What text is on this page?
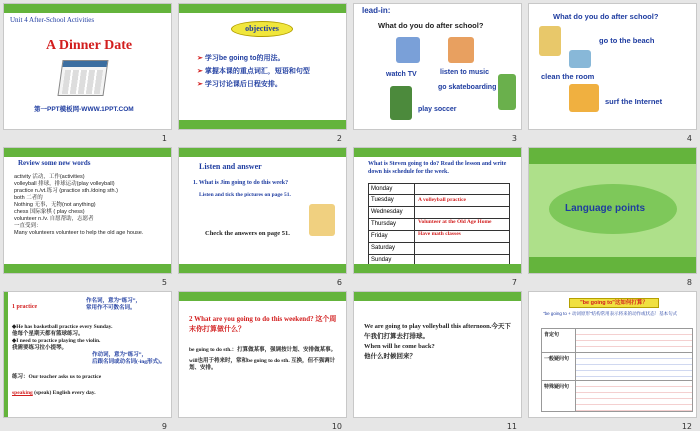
Unit 4 After-School Activities
A Dinner Date
第一PPT模板网-WWW.1PPT.COM
1
objectives
➢ 学习be going to的用法。
➢ 掌握本课的重点词汇，短语和句型
➢ 学习讨论课后日程安排。
2
lead-in:
What do you do after school?
watch TV	listen to music
go skateboarding
play soccer
3
What do you do after school?
go to the beach
clean the room
surf the Internet
4
Review some new words
activity 活动，工作(activities)
volleyball 排球，排球运动(play volleyball)
practice n./vt.练习 (practice sth./doing sth.)
both 二者的
Nothing 无事，无物(not anything)
chess 国际象棋 ( play chess)
volunteer n./v. 自愿帮助，志愿者
一直受到：
Many volunteers volunteer to help the old age house.
5
Listen and answer
1. What is Jim going to do this week?
Listen and tick the pictures on page 51.
Check the answers on page 51.
6
What is Steven going to do? Read the lesson and write down his schedule for the week.
Monday
Tuesday
Wednesday
Thursday
Friday
Saturday
Sunday
A volleyball practice
Volunteer at the Old Age Home
Have math classes
7
Language points
8
1 practice
作名词，意为“练习”，
常用作不可数名词。
◆He has basketball practice every Sunday.
他每个星期天都有篮球练习。
◆I need to practice playing the violin.
我需要练习拉小提琴。
作动词，意为“练习”，
后跟名词或动名词(-ing形式)。
练习：Our teacher asks us to practice
speaking (speak) English every day.
9
2 What are you going to do this weekend? 这个周末你打算做什么？
be going to do sth.：打算做某事，强调按计划、安排做某事。
will也用于将来时，常和be going to do sth. 互换，但不强调计划、安排。
10
We are going to play volleyball this afternoon.今天下午我们打算去打排球。
When will he come back?
他什么时候回来？
11
"be going to"这如何打算？
"be going to + 动词原形"结构常用表示将来的动作或状态！基本句式
肯定句
一般疑问句
特殊疑问句
12
